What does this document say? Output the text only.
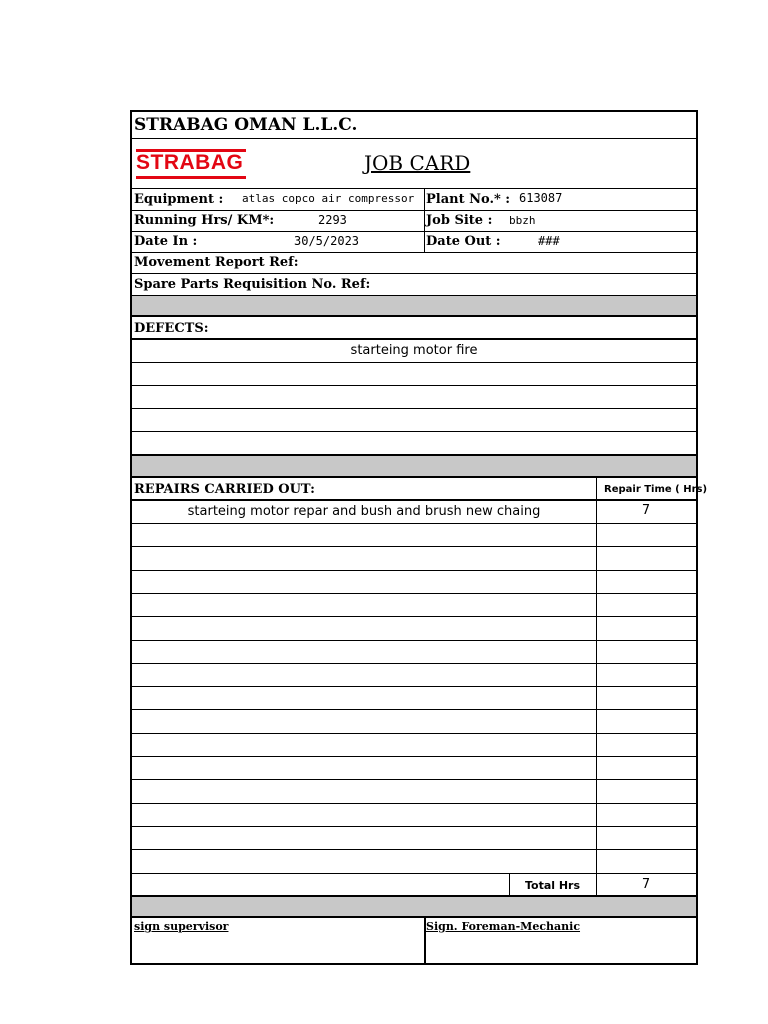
STRABAG OMAN L.L.C.
STRABAG	JOB CARD
Equipment : atlas copco air compressor Plant No.* : 613087
Running Hrs/ KM*:	2293	Job Site : bbzh
Date In :	30/5/2023	Date Out :	###
Movement Report Ref:
Spare Parts Requisition No. Ref:
DEFECTS:
starteing motor fire
REPAIRS CARRIED OUT:	Repair Time ( Hrs)
starteing motor repar and bush and brush new chaing	7
Total Hrs	7
sign supervisor	Sign. Foreman-Mechanic
